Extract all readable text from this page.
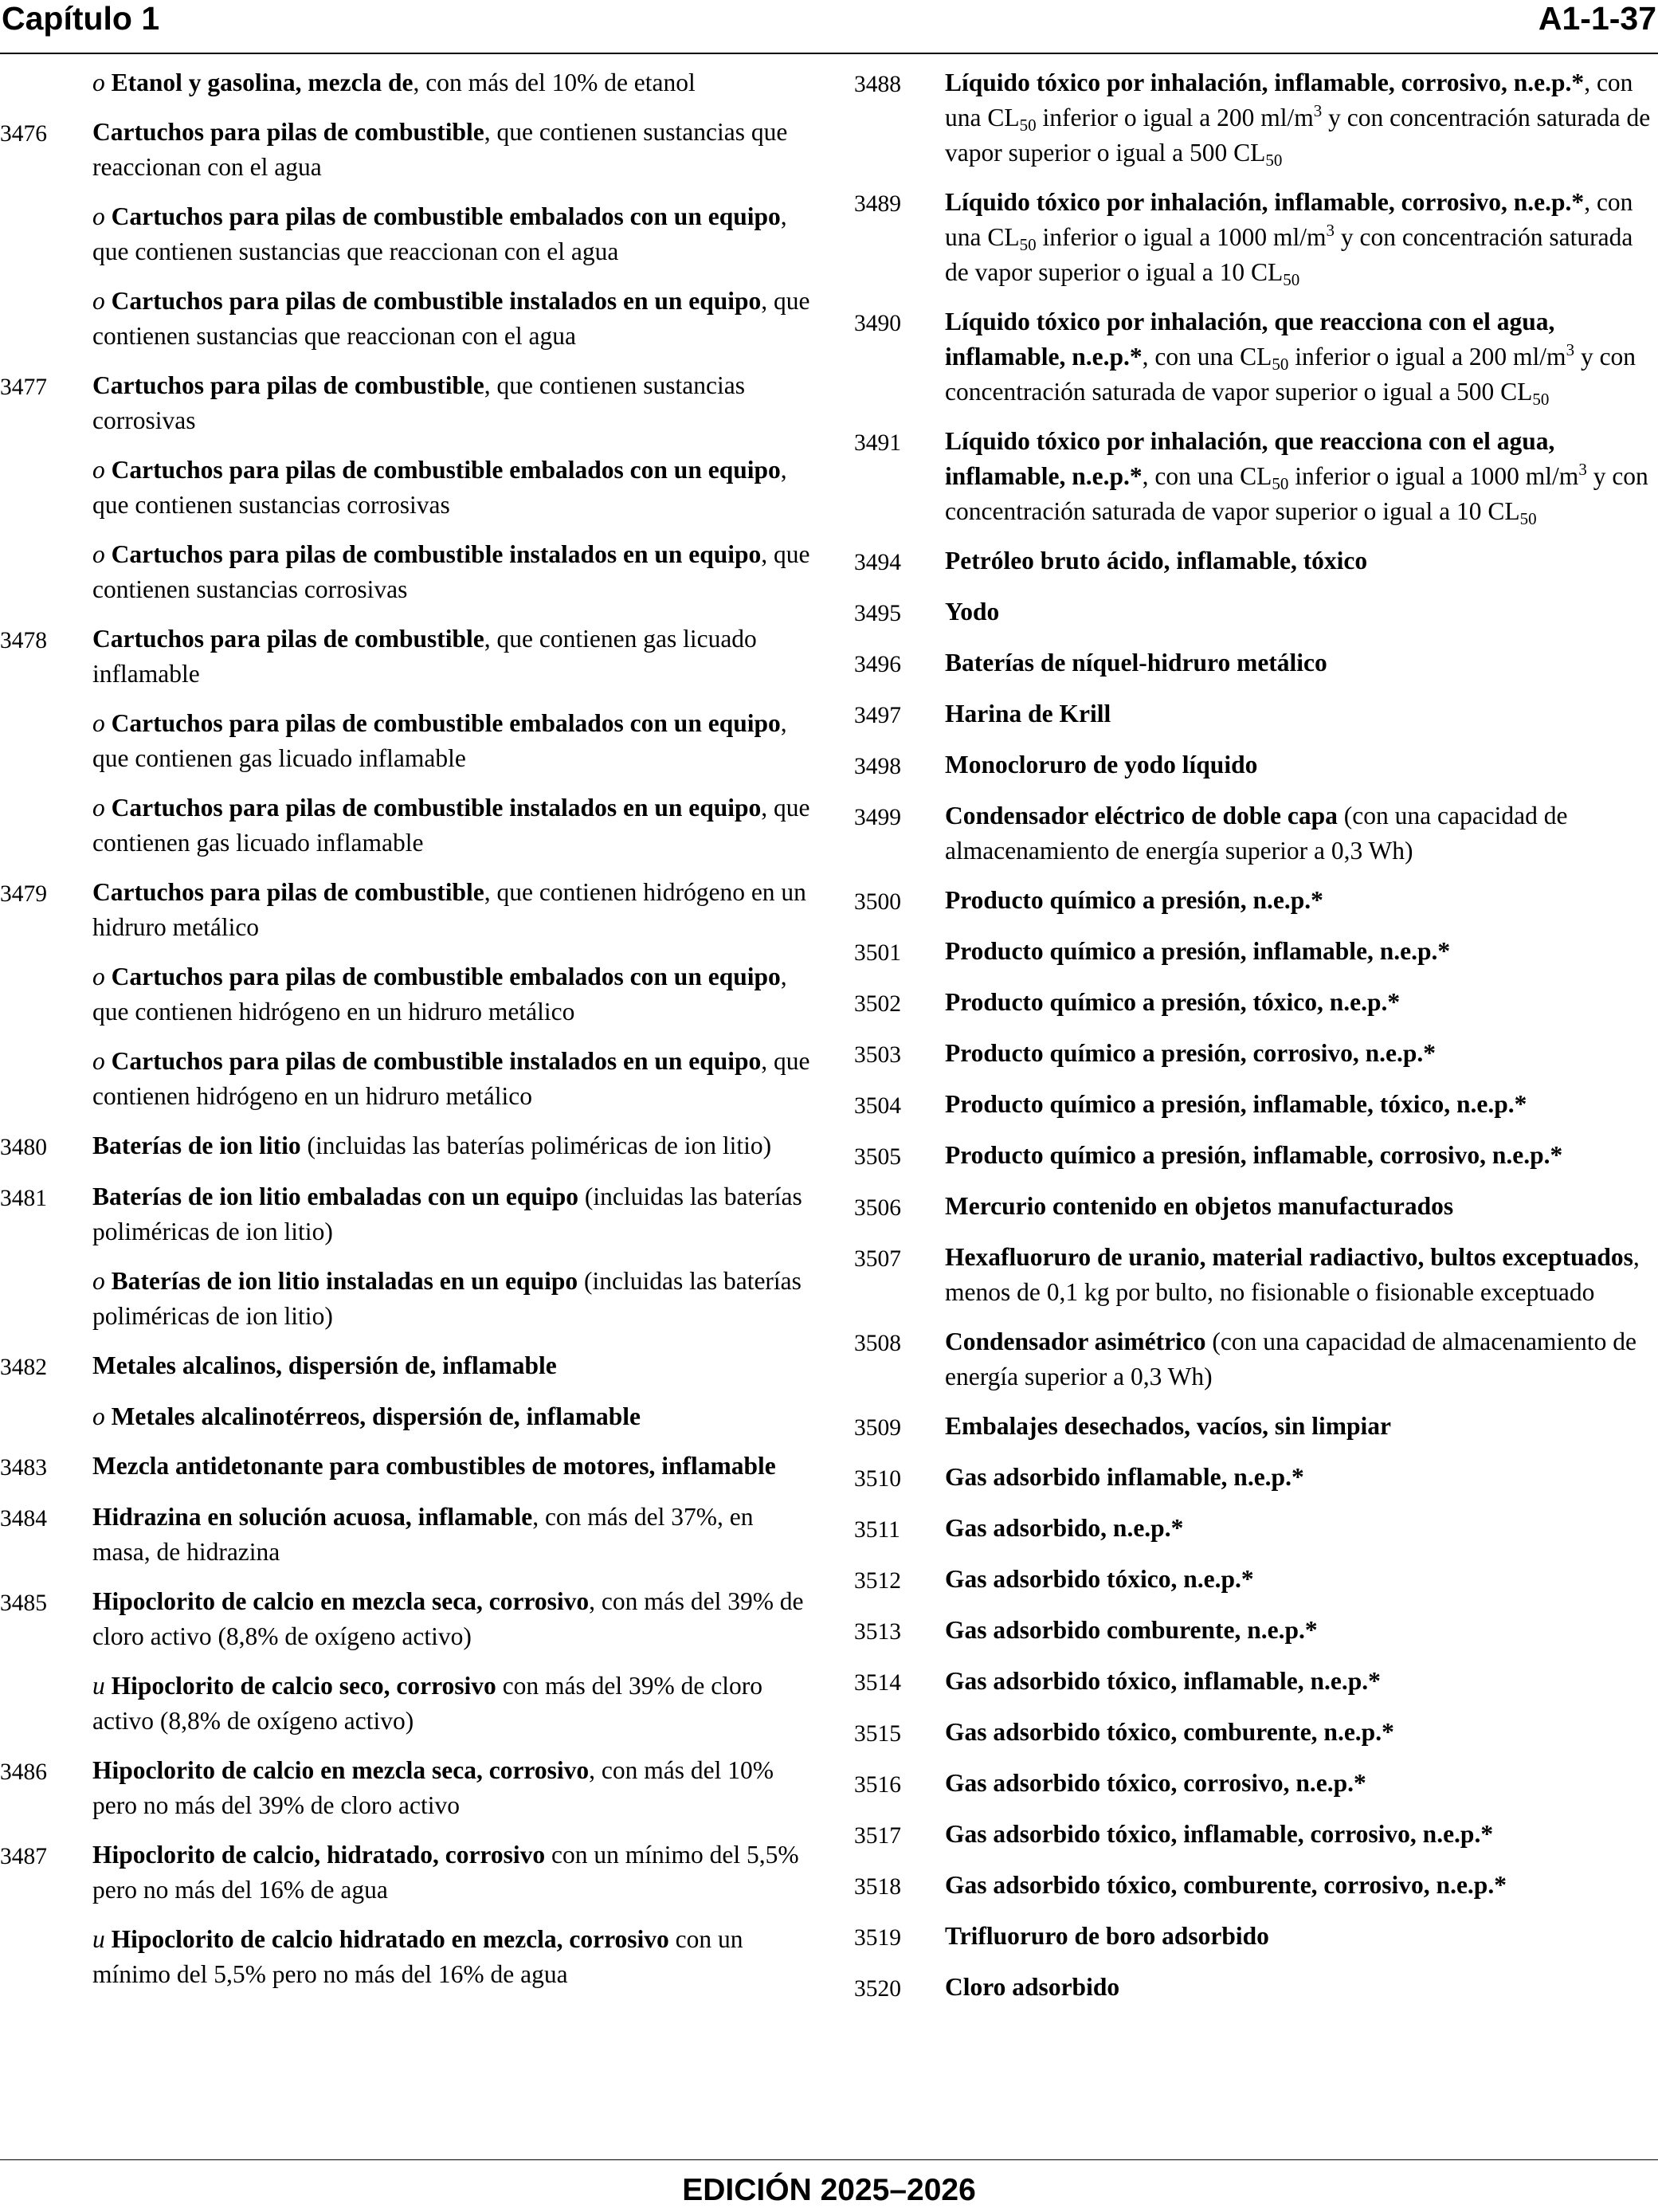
Capítulo 1	A1-1-37
o Etanol y gasolina, mezcla de, con más del 10% de etanol
3476	Cartuchos para pilas de combustible, que contienen sustancias que reaccionan con el agua
o Cartuchos para pilas de combustible embalados con un equipo, que contienen sustancias que reaccionan con el agua
o Cartuchos para pilas de combustible instalados en un equipo, que contienen sustancias que reaccionan con el agua
3477	Cartuchos para pilas de combustible, que contienen sustancias corrosivas
o Cartuchos para pilas de combustible embalados con un equipo, que contienen sustancias corrosivas
o Cartuchos para pilas de combustible instalados en un equipo, que contienen sustancias corrosivas
3478	Cartuchos para pilas de combustible, que contienen gas licuado inflamable
o Cartuchos para pilas de combustible embalados con un equipo, que contienen gas licuado inflamable
o Cartuchos para pilas de combustible instalados en un equipo, que contienen gas licuado inflamable
3479	Cartuchos para pilas de combustible, que contienen hidrógeno en un hidruro metálico
o Cartuchos para pilas de combustible embalados con un equipo, que contienen hidrógeno en un hidruro metálico
o Cartuchos para pilas de combustible instalados en un equipo, que contienen hidrógeno en un hidruro metálico
3480	Baterías de ion litio (incluidas las baterías poliméricas de ion litio)
3481	Baterías de ion litio embaladas con un equipo (incluidas las baterías poliméricas de ion litio)
o Baterías de ion litio instaladas en un equipo (incluidas las baterías poliméricas de ion litio)
3482	Metales alcalinos, dispersión de, inflamable
o Metales alcalinotérreos, dispersión de, inflamable
3483	Mezcla antidetonante para combustibles de motores, inflamable
3484	Hidrazina en solución acuosa, inflamable, con más del 37%, en masa, de hidrazina
3485	Hipoclorito de calcio en mezcla seca, corrosivo, con más del 39% de cloro activo (8,8% de oxígeno activo)
u Hipoclorito de calcio seco, corrosivo con más del 39% de cloro activo (8,8% de oxígeno activo)
3486	Hipoclorito de calcio en mezcla seca, corrosivo, con más del 10% pero no más del 39% de cloro activo
3487	Hipoclorito de calcio, hidratado, corrosivo con un mínimo del 5,5% pero no más del 16% de agua
u Hipoclorito de calcio hidratado en mezcla, corrosivo con un mínimo del 5,5% pero no más del 16% de agua
3488	Líquido tóxico por inhalación, inflamable, corrosivo, n.e.p.*, con una $CL_{50}$ inferior o igual a 200 $ml/m^3$ y con concentración saturada de vapor superior o igual a 500 $CL_{50}$
3489	Líquido tóxico por inhalación, inflamable, corrosivo, n.e.p.*, con una $CL_{50}$ inferior o igual a 1000 $ml/m^3$ y con concentración saturada de vapor superior o igual a 10 $CL_{50}$
3490	Líquido tóxico por inhalación, que reacciona con el agua, inflamable, n.e.p.*, con una $CL_{50}$ inferior o igual a 200 $ml/m^3$ y con concentración saturada de vapor superior o igual a 500 $CL_{50}$
3491	Líquido tóxico por inhalación, que reacciona con el agua, inflamable, n.e.p.*, con una $CL_{50}$ inferior o igual a 1000 $ml/m^3$ y con concentración saturada de vapor superior o igual a 10 $CL_{50}$
3494	Petróleo bruto ácido, inflamable, tóxico
3495	Yodo
3496	Baterías de níquel-hidruro metálico
3497	Harina de Krill
3498	Monocloruro de yodo líquido
3499	Condensador eléctrico de doble capa (con una capacidad de almacenamiento de energía superior a 0,3 Wh)
3500	Producto químico a presión, n.e.p.*
3501	Producto químico a presión, inflamable, n.e.p.*
3502	Producto químico a presión, tóxico, n.e.p.*
3503	Producto químico a presión, corrosivo, n.e.p.*
3504	Producto químico a presión, inflamable, tóxico, n.e.p.*
3505	Producto químico a presión, inflamable, corrosivo, n.e.p.*
3506	Mercurio contenido en objetos manufacturados
3507	Hexafluoruro de uranio, material radiactivo, bultos exceptuados, menos de 0,1 kg por bulto, no fisionable o fisionable exceptuado
3508	Condensador asimétrico (con una capacidad de almacenamiento de energía superior a 0,3 Wh)
3509	Embalajes desechados, vacíos, sin limpiar
3510	Gas adsorbido inflamable, n.e.p.*
3511	Gas adsorbido, n.e.p.*
3512	Gas adsorbido tóxico, n.e.p.*
3513	Gas adsorbido comburente, n.e.p.*
3514	Gas adsorbido tóxico, inflamable, n.e.p.*
3515	Gas adsorbido tóxico, comburente, n.e.p.*
3516	Gas adsorbido tóxico, corrosivo, n.e.p.*
3517	Gas adsorbido tóxico, inflamable, corrosivo, n.e.p.*
3518	Gas adsorbido tóxico, comburente, corrosivo, n.e.p.*
3519	Trifluoruro de boro adsorbido
3520	Cloro adsorbido
EDICIÓN 2025–2026
